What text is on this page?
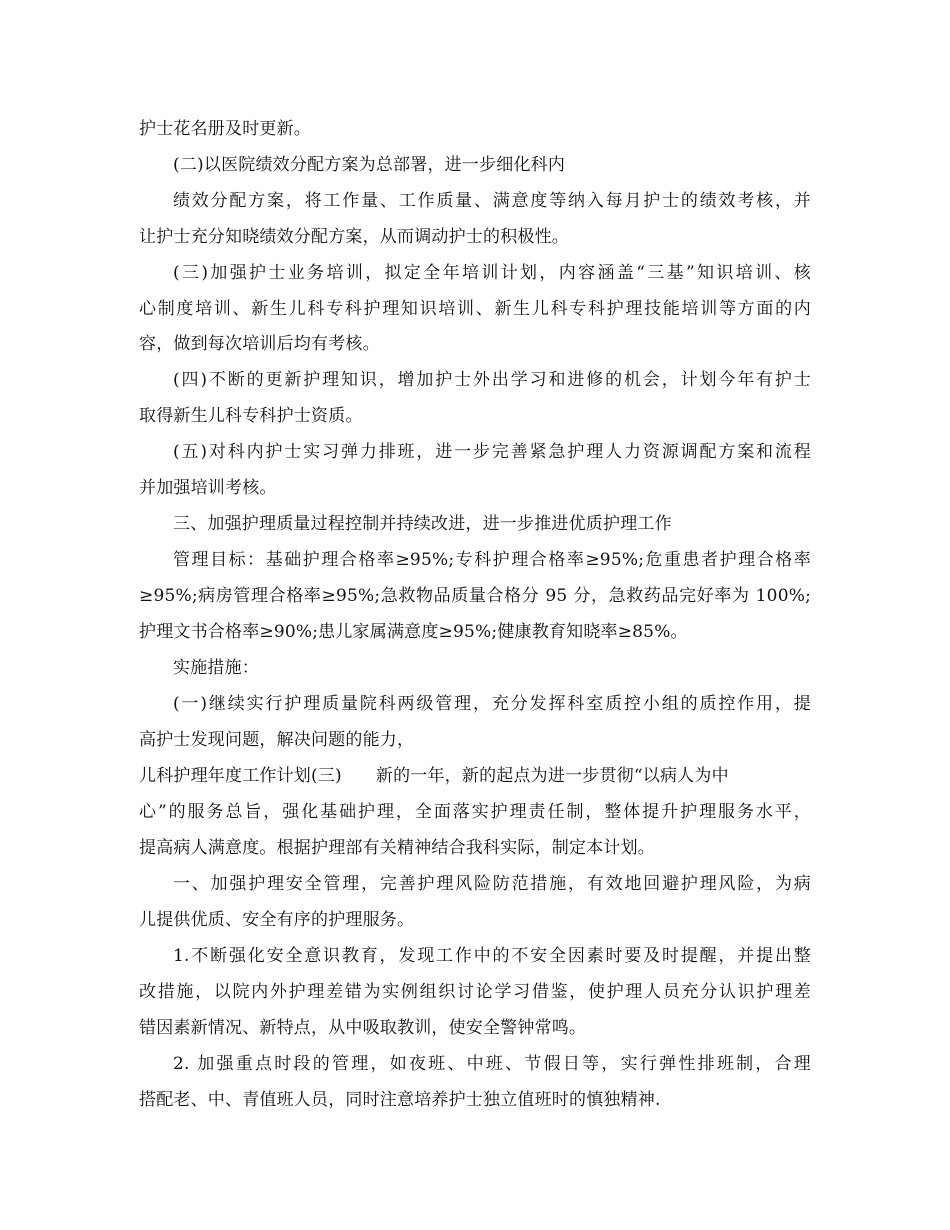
护士花名册及时更新。
(二)以医院绩效分配方案为总部署，进一步细化科内
绩效分配方案，将工作量、工作质量、满意度等纳入每月护士的绩效考核，并
让护士充分知晓绩效分配方案，从而调动护士的积极性。
(三)加强护士业务培训，拟定全年培训计划，内容涵盖“三基”知识培训、核
心制度培训、新生儿科专科护理知识培训、新生儿科专科护理技能培训等方面的内
容，做到每次培训后均有考核。
(四)不断的更新护理知识，增加护士外出学习和进修的机会，计划今年有护士
取得新生儿科专科护士资质。
(五)对科内护士实习弹力排班，进一步完善紧急护理人力资源调配方案和流程
并加强培训考核。
三、加强护理质量过程控制并持续改进，进一步推进优质护理工作
管理目标：基础护理合格率≥95%;专科护理合格率≥95%;危重患者护理合格率
≥95%;病房管理合格率≥95%;急救物品质量合格分 95 分，急救药品完好率为 100%;
护理文书合格率≥90%;患儿家属满意度≥95%;健康教育知晓率≥85%。
实施措施：
(一)继续实行护理质量院科两级管理，充分发挥科室质控小组的质控作用，提
高护士发现问题，解决问题的能力，
儿科护理年度工作计划(三) 新的一年，新的起点为进一步贯彻“以病人为中
心”的服务总旨，强化基础护理，全面落实护理责任制，整体提升护理服务水平，
提高病人满意度。根据护理部有关精神结合我科实际，制定本计划。
一、加强护理安全管理，完善护理风险防范措施，有效地回避护理风险，为病
儿提供优质、安全有序的护理服务。
1.不断强化安全意识教育，发现工作中的不安全因素时要及时提醒，并提出整
改措施，以院内外护理差错为实例组织讨论学习借鉴，使护理人员充分认识护理差
错因素新情况、新特点，从中吸取教训，使安全警钟常鸣。
2. 加强重点时段的管理，如夜班、中班、节假日等，实行弹性排班制，合理
搭配老、中、青值班人员，同时注意培养护士独立值班时的慎独精神.
